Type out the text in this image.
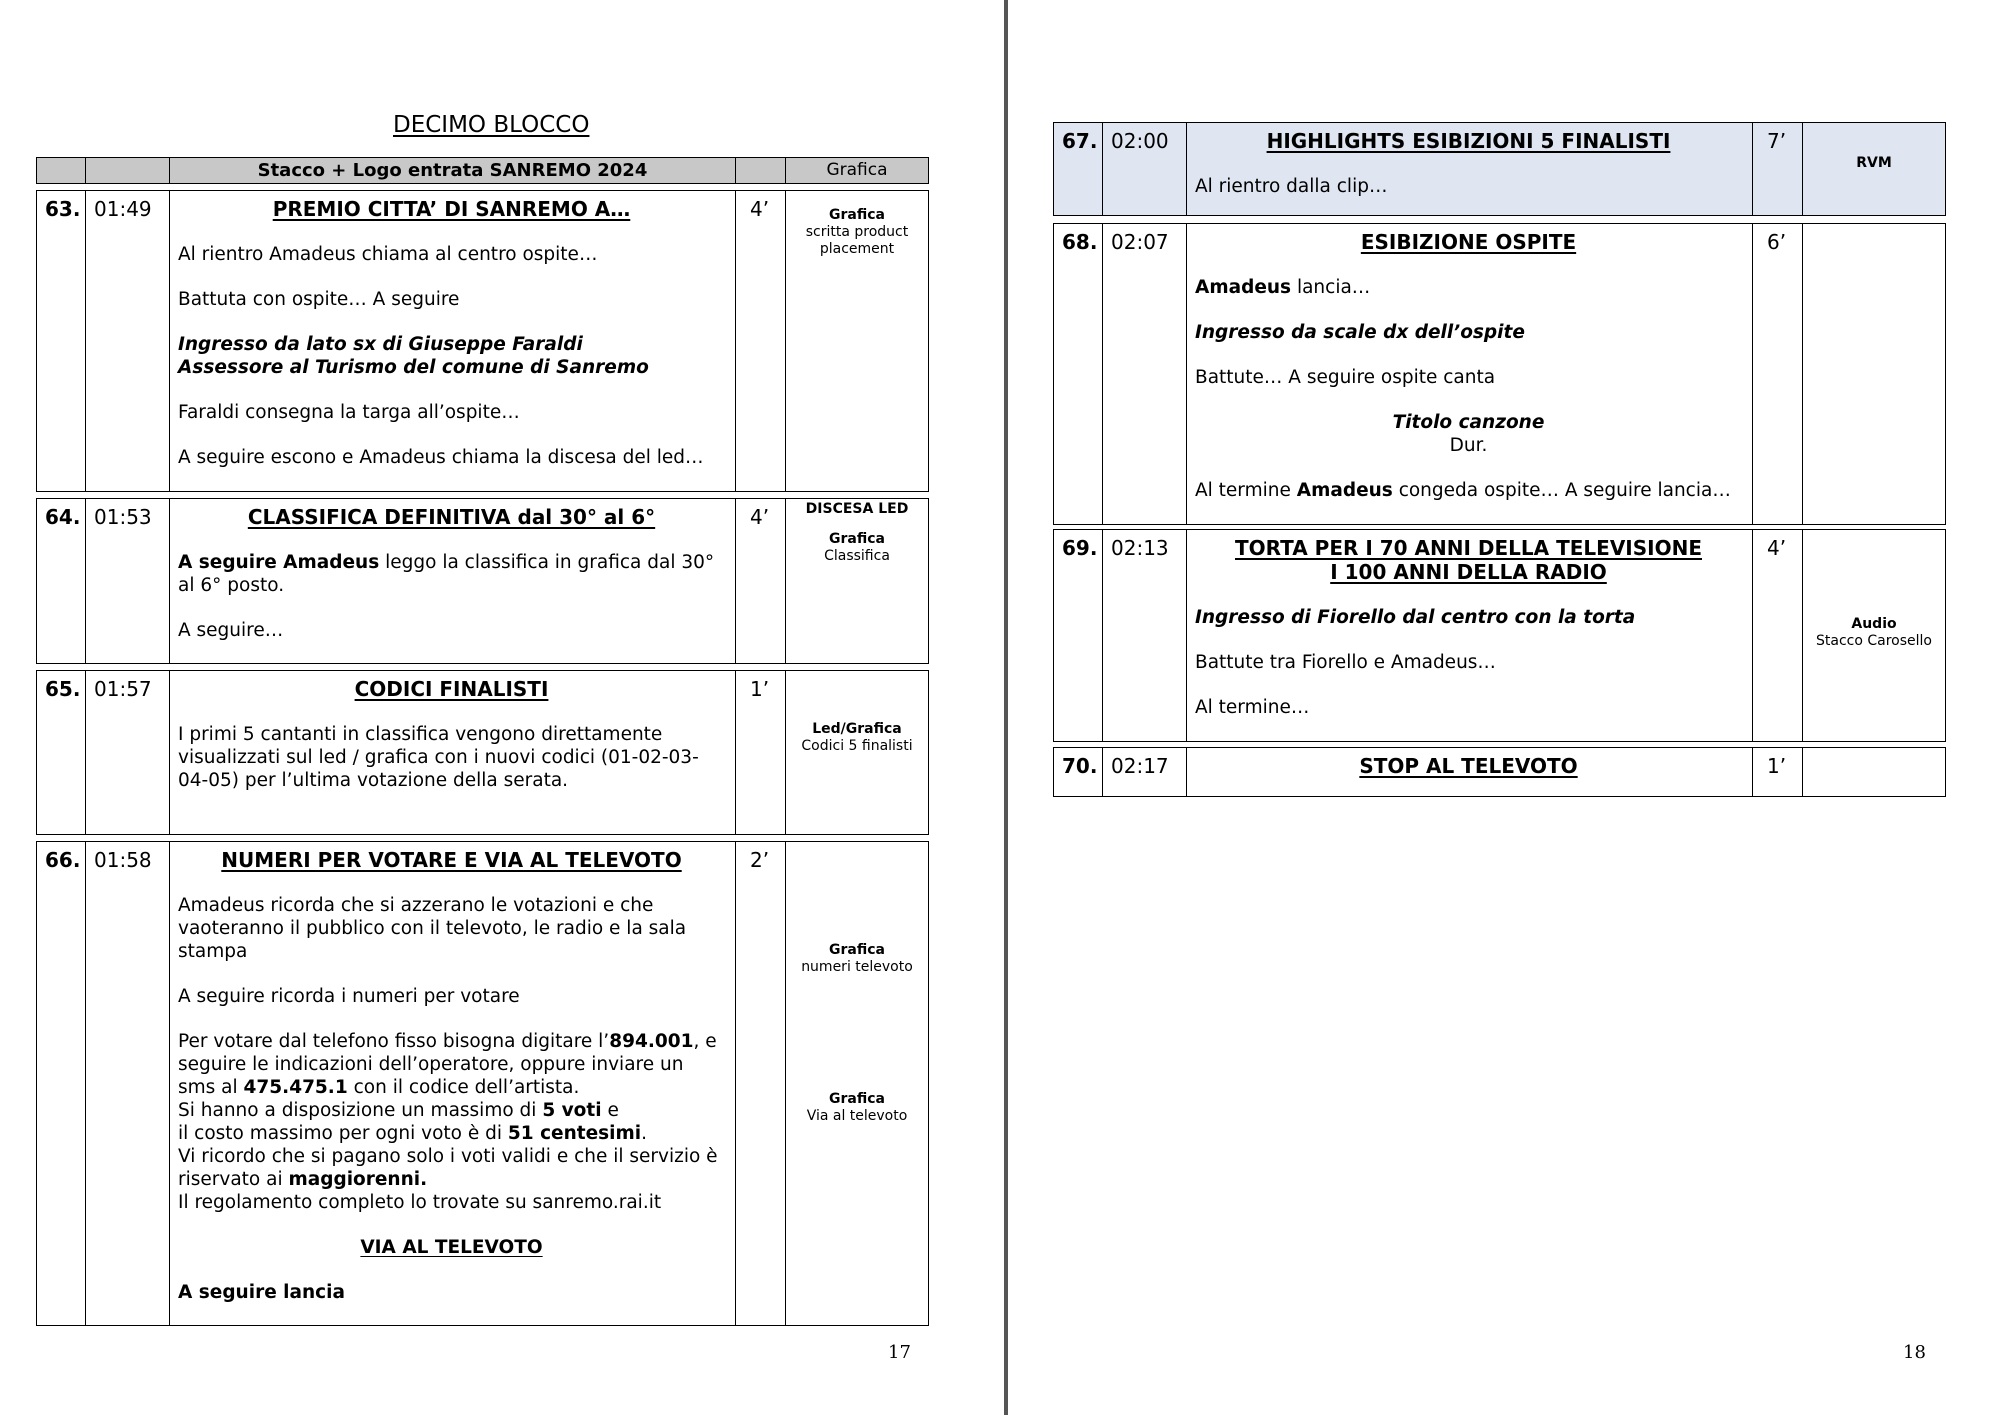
DECIMO BLOCCO
		Stacco + Logo entrata SANREMO 2024		Grafica
63.	01:49	PREMIO CITTA’ DI SANREMO A…

Al rientro Amadeus chiama al centro ospite…

Battuta con ospite… A seguire

Ingresso da lato sx di Giuseppe Faraldi
Assessore al Turismo del comune di Sanremo

Faraldi consegna la targa all’ospite…

A seguire escono e Amadeus chiama la discesa del led…

	4’	Grafica
scritta product placement
64.	01:53	CLASSIFICA DEFINITIVA dal 30° al 6°

A seguire Amadeus leggo la classifica in grafica dal 30° al 6° posto.

A seguire…

	4’	DISCESA LED
Grafica
Classifica
65.	01:57	CODICI FINALISTI

I primi 5 cantanti in classifica vengono direttamente visualizzati sul led / grafica con i nuovi codici (01-02-03-04-05) per l’ultima votazione della serata.

	1’	
Led/Grafica
Codici 5 finalisti
66.	01:58	NUMERI PER VOTARE E VIA AL TELEVOTO

Amadeus ricorda che si azzerano le votazioni e che vaoteranno il pubblico con il televoto, le radio e la sala stampa

A seguire ricorda i numeri per votare

Per votare dal telefono fisso bisogna digitare l’894.001, e seguire le indicazioni dell’operatore, oppure inviare un sms al 475.475.1 con il codice dell’artista.
Si hanno a disposizione un massimo di 5 voti e
il costo massimo per ogni voto è di 51 centesimi.
Vi ricordo che si pagano solo i voti validi e che il servizio è riservato ai maggiorenni.
Il regolamento completo lo trovate su sanremo.rai.it

VIA AL TELEVOTO

A seguire lancia

	2’	
Grafica
numeri televoto
Grafica
Via al televoto
17
67.	02:00	HIGHLIGHTS ESIBIZIONI 5 FINALISTI

Al rientro dalla clip…

	7’	
RVM
68.	02:07	ESIBIZIONE OSPITE

Amadeus lancia…

Ingresso da scale dx dell’ospite

Battute… A seguire ospite canta

Titolo canzone
Dur.

Al termine Amadeus congeda ospite… A seguire lancia…

	6’	
69.	02:13	TORTA PER I 70 ANNI DELLA TELEVISIONE
I 100 ANNI DELLA RADIO

Ingresso di Fiorello dal centro con la torta

Battute tra Fiorello e Amadeus…

Al termine…

	4’	
Audio
Stacco Carosello
70.	02:17	STOP AL TELEVOTO	1’	
18
